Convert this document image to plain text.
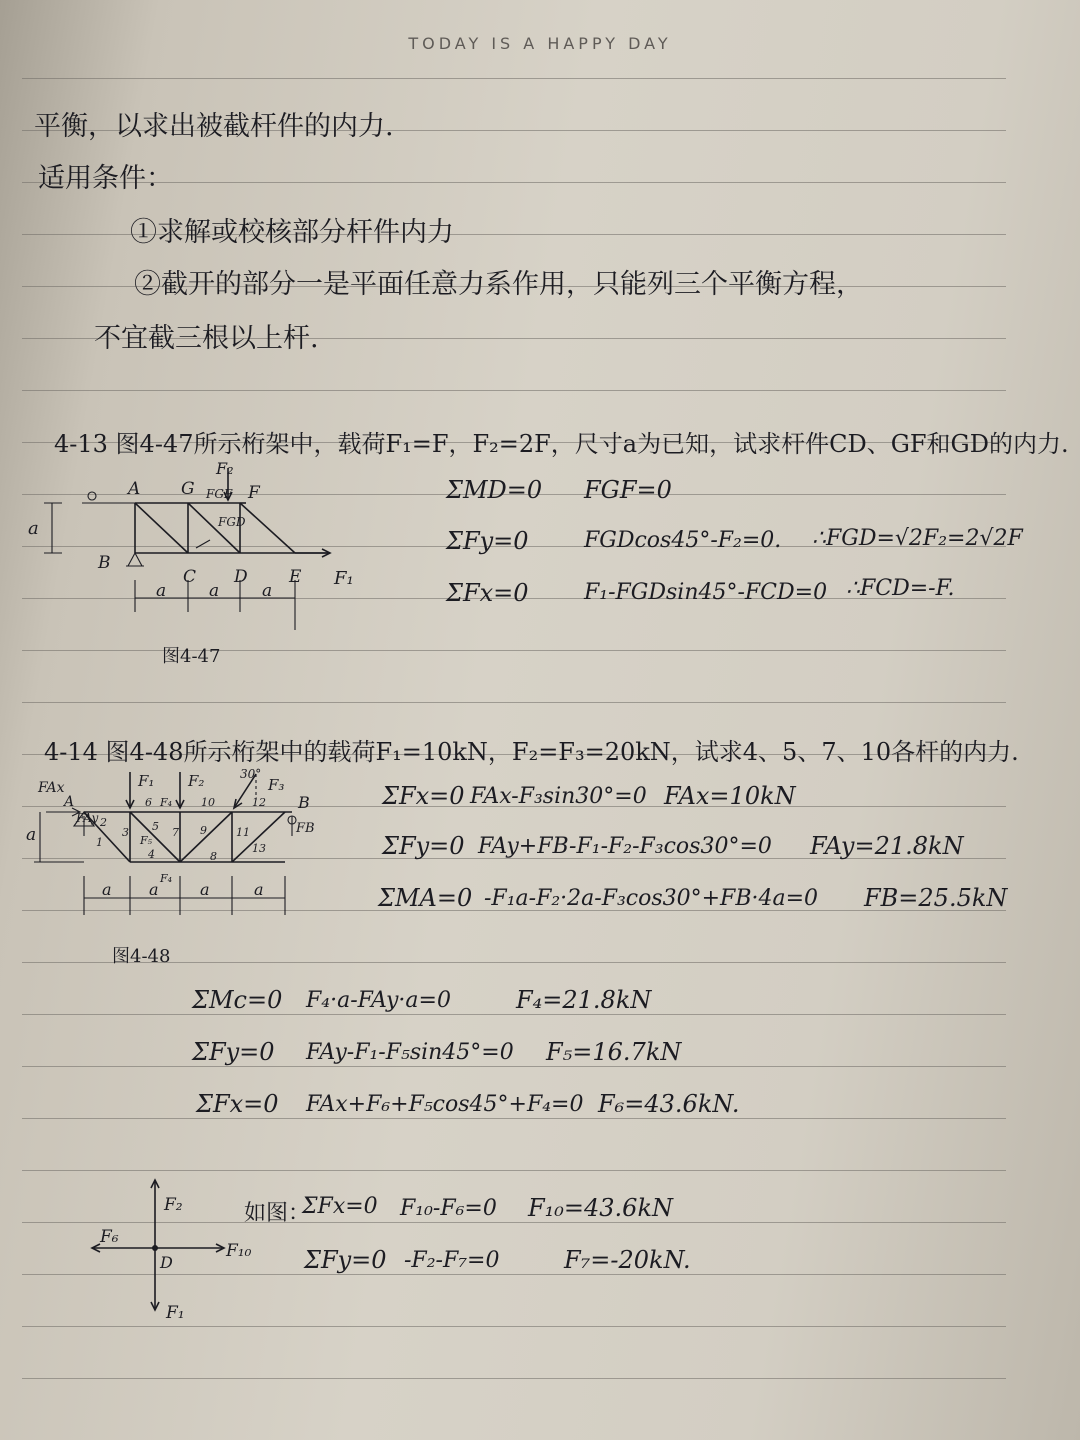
TODAY IS A HAPPY DAY
平衡，以求出被截杆件的内力.
适用条件：
①求解或校核部分杆件内力
②截开的部分一是平面任意力系作用，只能列三个平衡方程，
不宜截三根以上杆.
4-13 图4-47所示桁架中，载荷F₁=F，F₂=2F，尺寸a为已知，试求杆件CD、GF和GD的内力.
A G	F
F₂
FGF
FGD
B
C D E F₁
a
a	a	a
图4-47
ΣMD=0 FGF=0
ΣFy=0	FGDcos45°-F₂=0. ∴FGD=√2F₂=2√2F
ΣFx=0	F₁-FGDsin45°-FCD=0 ∴FCD=-F.
4-14 图4-48所示桁架中的载荷F₁=10kN，F₂=F₃=20kN，试求4、5、7、10各杆的内力.
FAx
A	B
FB
FAy
F₁ F₂	F₃
30°
F₄
F₅
F₄
1
2
3
4
5
6
7
8
9
10
11
12
13
a
a a	a	a
图4-48
F₂
F₆
F₁₀
D
F₁
ΣFx=0 FAx-F₃sin30°=0 FAx=10kN
ΣFy=0 FAy+FB-F₁-F₂-F₃cos30°=0 FAy=21.8kN
ΣMA=0 -F₁a-F₂·2a-F₃cos30°+FB·4a=0 FB=25.5kN
ΣMc=0 F₄·a-FAy·a=0	F₄=21.8kN
ΣFy=0 FAy-F₁-F₅sin45°=0 F₅=16.7kN
ΣFx=0 FAx+F₆+F₅cos45°+F₄=0 F₆=43.6kN.
如图：
ΣFx=0 F₁₀-F₆=0 F₁₀=43.6kN
ΣFy=0 -F₂-F₇=0	F₇=-20kN.
